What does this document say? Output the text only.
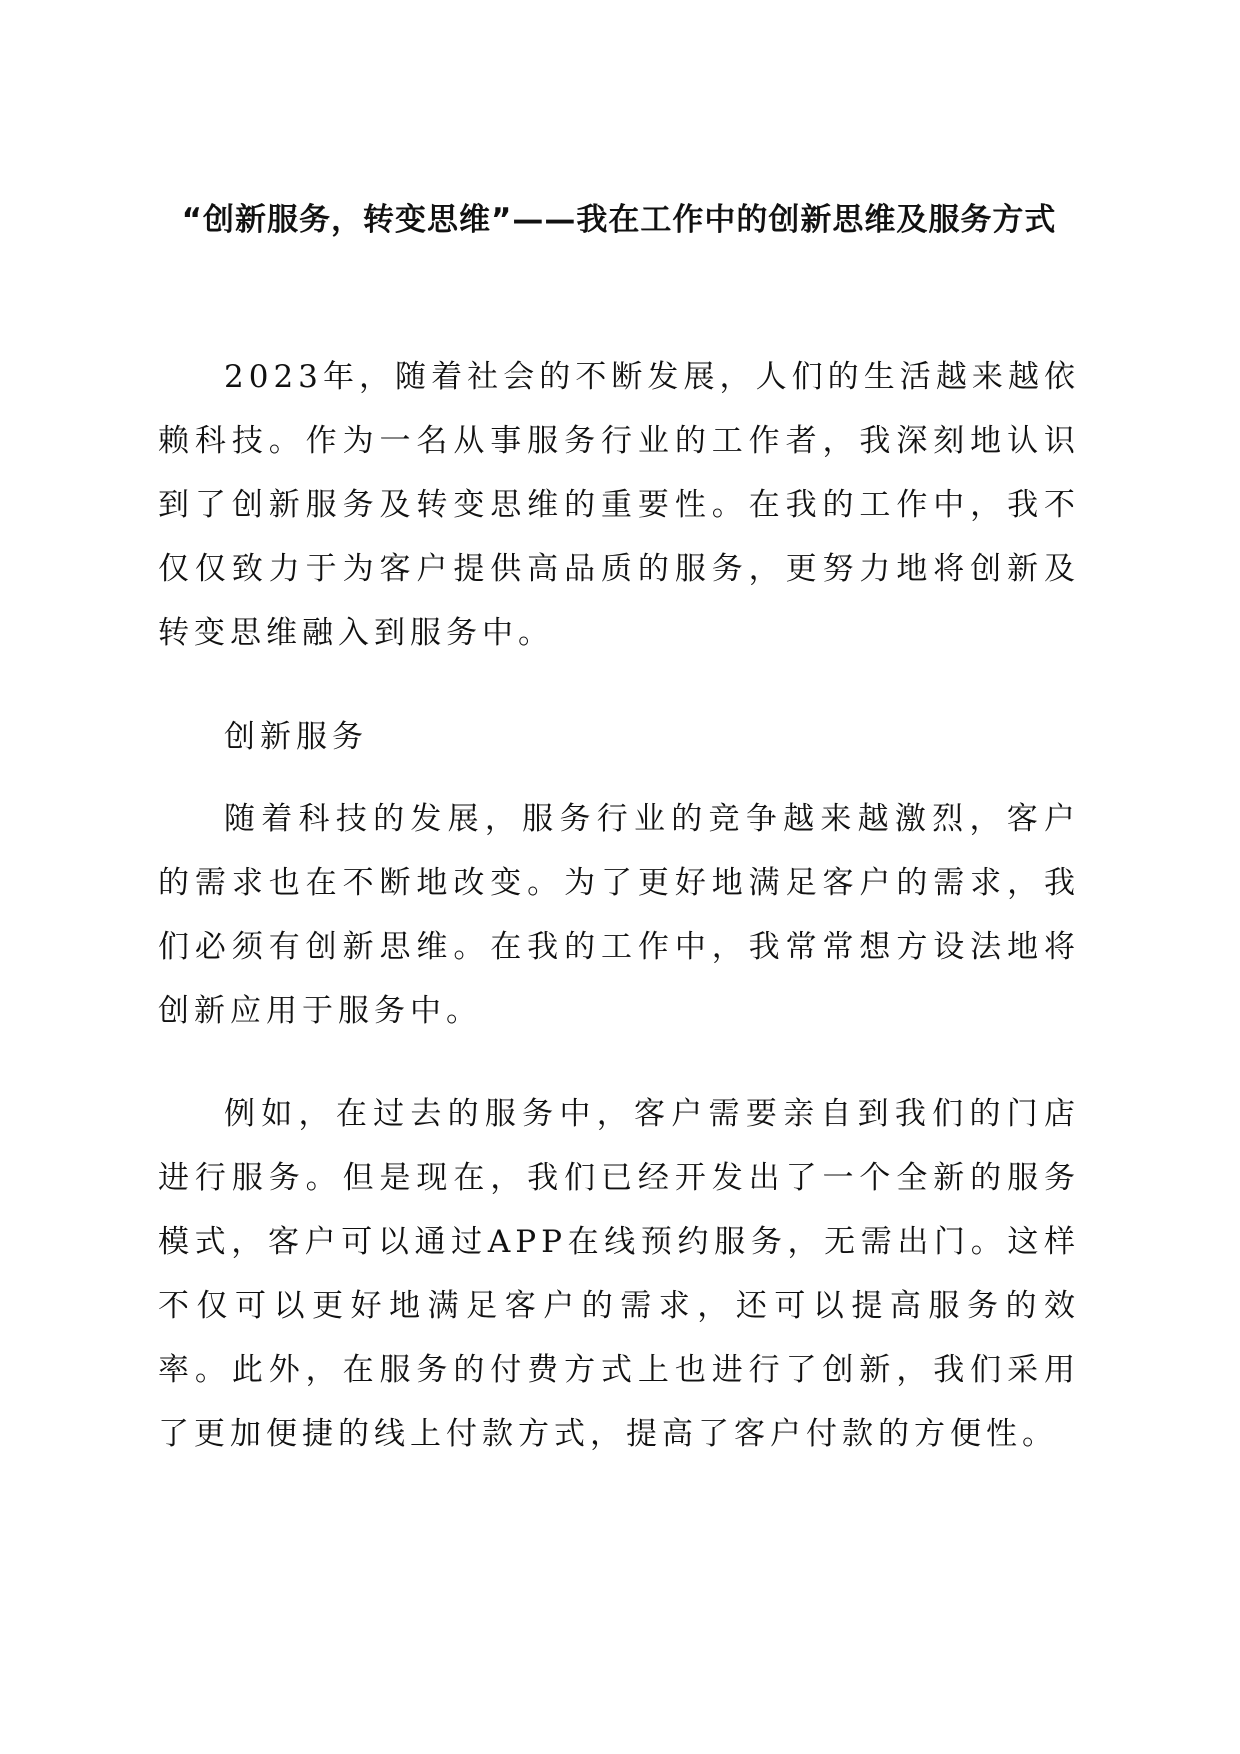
“创新服务，转变思维”——我在工作中的创新思维及服务方式

2023年，随着社会的不断发展，人们的生活越来越依赖科技。作为一名从事服务行业的工作者，我深刻地认识到了创新服务及转变思维的重要性。在我的工作中，我不仅仅致力于为客户提供高品质的服务，更努力地将创新及转变思维融入到服务中。

创新服务

随着科技的发展，服务行业的竞争越来越激烈，客户的需求也在不断地改变。为了更好地满足客户的需求，我们必须有创新思维。在我的工作中，我常常想方设法地将创新应用于服务中。

例如，在过去的服务中，客户需要亲自到我们的门店进行服务。但是现在，我们已经开发出了一个全新的服务模式，客户可以通过APP在线预约服务，无需出门。这样不仅可以更好地满足客户的需求，还可以提高服务的效率。此外，在服务的付费方式上也进行了创新，我们采用了更加便捷的线上付款方式，提高了客户付款的方便性。
